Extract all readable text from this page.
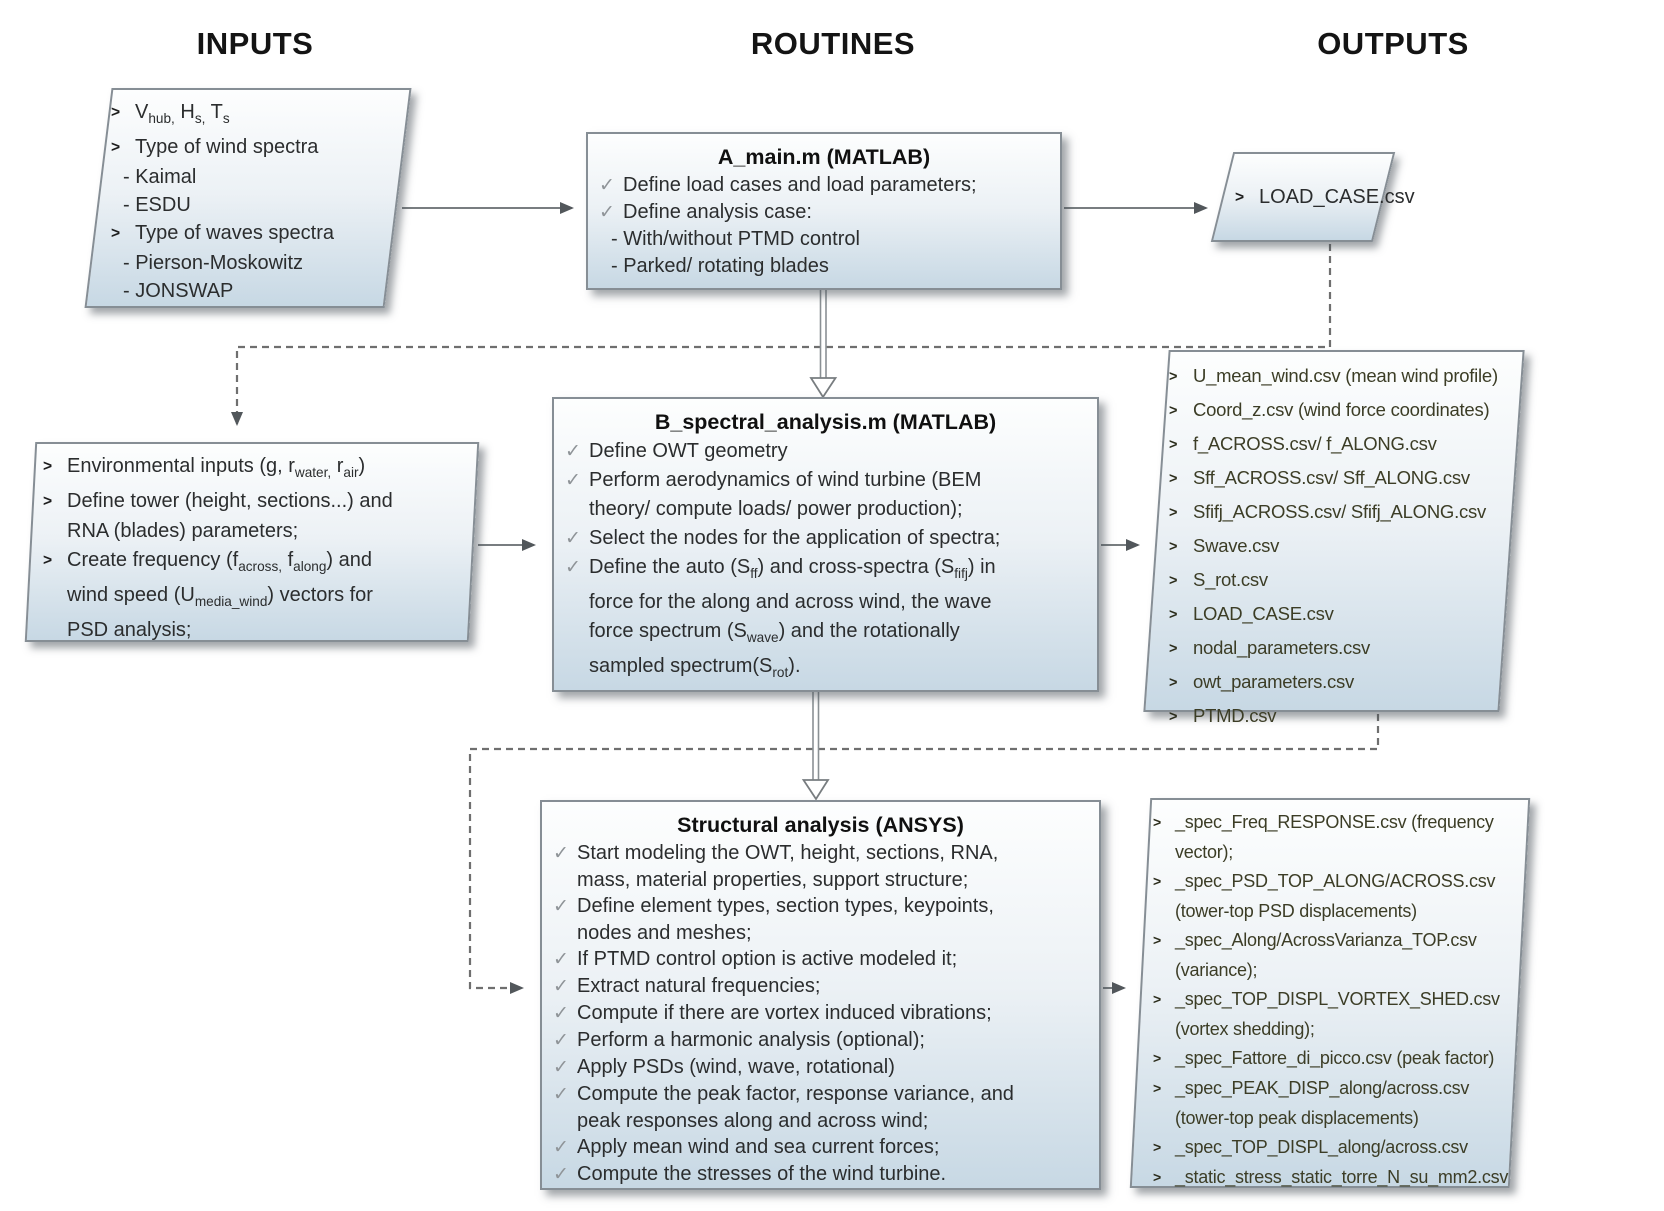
INPUTS	ROUTINES	OUTPUTS
> $V_{hub,}$ $H_{s,}$ $T_s$
> Type of wind spectra
- Kaimal
- ESDU
> Type of waves spectra
- Pierson-Moskowitz
- JONSWAP
A_main.m (MATLAB)
✓ Define load cases and load parameters;
✓ Define analysis case:
- With/without PTMD control
- Parked/ rotating blades
> LOAD_CASE.csv
> Environmental inputs (g, $r_{water,}$ $r_{air}$)
> Define tower (height, sections...) and
RNA (blades) parameters;
> Create frequency ($f_{across,}$ $f_{along}$) and
wind speed $(U_{media\_wind})$ vectors for
PSD analysis;
B_spectral_analysis.m (MATLAB)
✓ Define OWT geometry
✓ Perform aerodynamics of wind turbine (BEM
theory/ compute loads/ power production);
✓ Select the nodes for the application of spectra;
✓ Define the auto $(S_{ff})$ and cross-spectra $(S_{fifj})$ in
force for the along and across wind, the wave
force spectrum $(S_{wave})$ and the rotationally
sampled $spectrum(S_{rot})$.
> U_mean_wind.csv (mean wind profile)
> Coord_z.csv (wind force coordinates)
> f_ACROSS.csv/ f_ALONG.csv
> Sff_ACROSS.csv/ Sff_ALONG.csv
> Sfifj_ACROSS.csv/ Sfifj_ALONG.csv
> Swave.csv
> S_rot.csv
> LOAD_CASE.csv
> nodal_parameters.csv
> owt_parameters.csv
> PTMD.csv
Structural analysis (ANSYS)
✓ Start modeling the OWT, height, sections, RNA,
mass, material properties, support structure;
✓ Define element types, section types, keypoints,
nodes and meshes;
✓ If PTMD control option is active modeled it;
✓ Extract natural frequencies;
✓ Compute if there are vortex induced vibrations;
✓ Perform a harmonic analysis (optional);
✓ Apply PSDs (wind, wave, rotational)
✓ Compute the peak factor, response variance, and
peak responses along and across wind;
✓ Apply mean wind and sea current forces;
✓ Compute the stresses of the wind turbine.
> _spec_Freq_RESPONSE.csv (frequency
vector);
> _spec_PSD_TOP_ALONG/ACROSS.csv
(tower-top PSD displacements)
> _spec_Along/AcrossVarianza_TOP.csv
(variance);
> _spec_TOP_DISPL_VORTEX_SHED.csv
(vortex shedding);
> _spec_Fattore_di_picco.csv (peak factor)
> _spec_PEAK_DISP_along/across.csv
(tower-top peak displacements)
> _spec_TOP_DISPL_along/across.csv
> _static_stress_static_torre_N_su_mm2.csv
